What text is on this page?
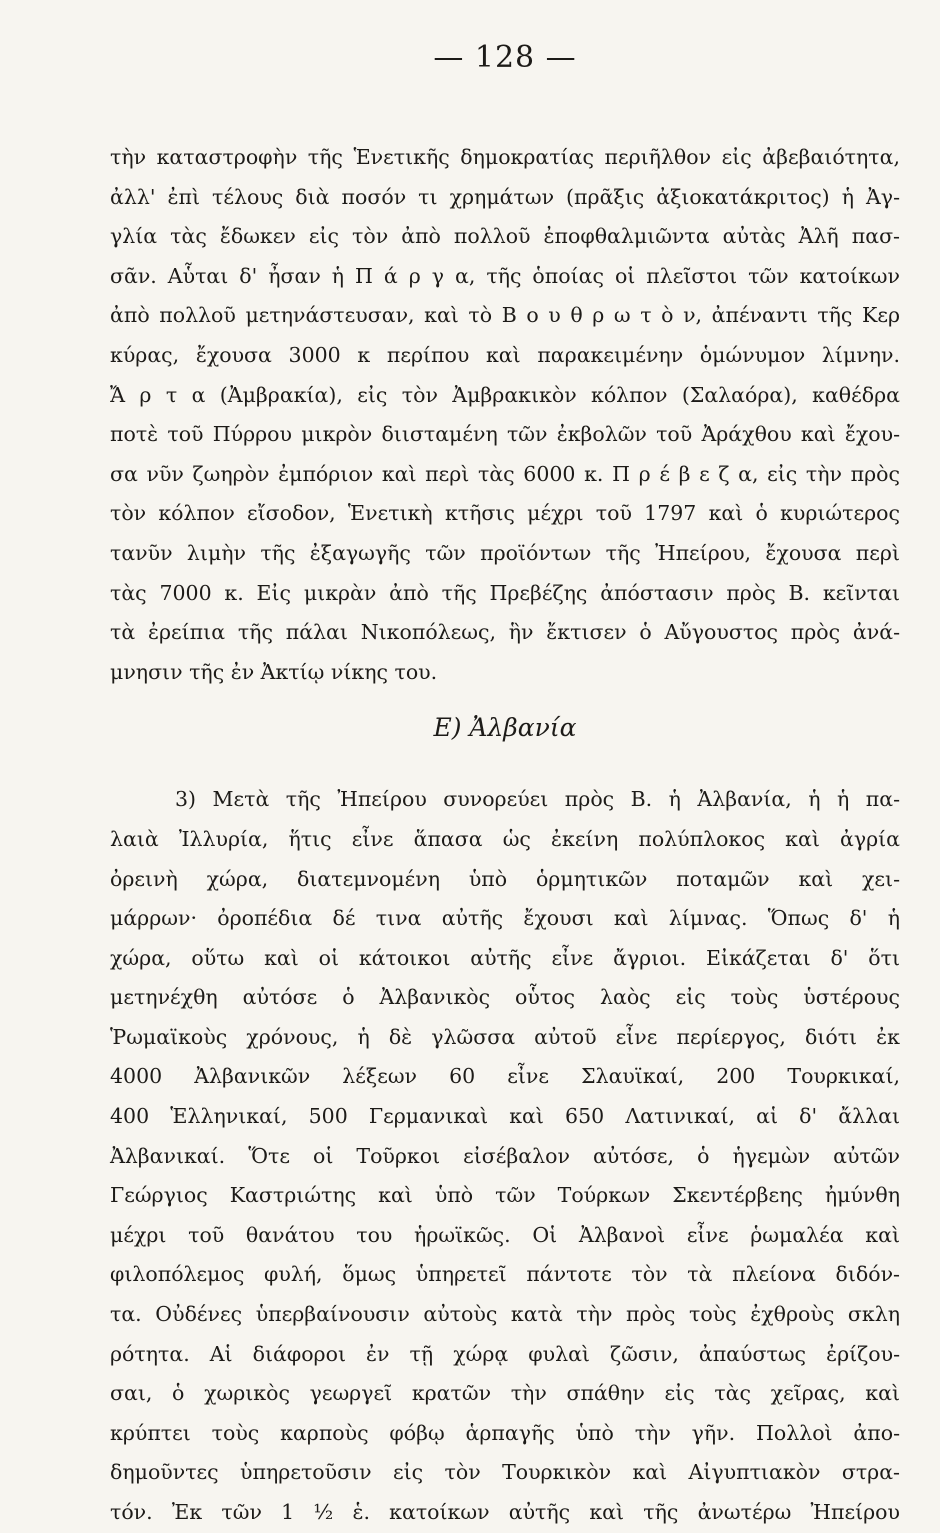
— 128 —
τὴν καταστροφὴν τῆς Ἑνετικῆς δημοκρατίας περιῆλθον εἰς ἀβεβαιότητα,
ἀλλ' ἐπὶ τέλους διὰ ποσόν τι χρημάτων (πρᾶξις ἀξιοκατάκριτος) ἡ Ἀγ-
γλία τὰς ἔδωκεν εἰς τὸν ἀπὸ πολλοῦ ἐποφθαλμιῶντα αὐτὰς Ἀλῆ πασ-
σᾶν. Αὗται δ' ἦσαν ἡ Π ά ρ γ α, τῆς ὁποίας οἱ πλεῖστοι τῶν κατοίκων
ἀπὸ πολλοῦ μετηνάστευσαν, καὶ τὸ Β ο υ θ ρ ω τ ὸ ν, ἀπέναντι τῆς Κερ
κύρας, ἔχουσα 3000 κ περίπου καὶ παρακειμένην ὁμώνυμον λίμνην.
Ἄ ρ τ α (Ἀμβρακία), εἰς τὸν Ἀμβρακικὸν κόλπον (Σαλαόρα), καθέδρα
ποτὲ τοῦ Πύρρου μικρὸν διισταμένη τῶν ἐκβολῶν τοῦ Ἀράχθου καὶ ἔχου-
σα νῦν ζωηρὸν ἐμπόριον καὶ περὶ τὰς 6000 κ. Π ρ έ β ε ζ α, εἰς τὴν πρὸς
τὸν κόλπον εἴσοδον, Ἑνετικὴ κτῆσις μέχρι τοῦ 1797 καὶ ὁ κυριώτερος
τανῦν λιμὴν τῆς ἐξαγωγῆς τῶν προϊόντων τῆς Ἠπείρου, ἔχουσα περὶ
τὰς 7000 κ. Εἰς μικρὰν ἀπὸ τῆς Πρεβέζης ἀπόστασιν πρὸς Β. κεῖνται
τὰ ἐρείπια τῆς πάλαι Νικοπόλεως, ἣν ἔκτισεν ὁ Αὔγουστος πρὸς ἀνά-
μνησιν τῆς ἐν Ἀκτίῳ νίκης του.
Ε) Ἀλβανία
3) Μετὰ τῆς Ἠπείρου συνορεύει πρὸς Β. ἡ Ἀλβανία, ἡ ἡ πα-
λαιὰ Ἰλλυρία, ἥτις εἶνε ἅπασα ὡς ἐκείνη πολύπλοκος καὶ ἀγρία
ὀρεινὴ χώρα, διατεμνομένη ὑπὸ ὁρμητικῶν ποταμῶν καὶ χει-
μάρρων· ὀροπέδια δέ τινα αὐτῆς ἔχουσι καὶ λίμνας. Ὅπως δ' ἡ
χώρα, οὕτω καὶ οἱ κάτοικοι αὐτῆς εἶνε ἄγριοι. Εἰκάζεται δ' ὅτι
μετηνέχθη αὐτόσε ὁ Ἀλβανικὸς οὗτος λαὸς εἰς τοὺς ὑστέρους
Ῥωμαϊκοὺς χρόνους, ἡ δὲ γλῶσσα αὐτοῦ εἶνε περίεργος, διότι ἐκ
4000 Ἀλβανικῶν λέξεων 60 εἶνε Σλαυϊκαί, 200 Τουρκικαί,
400 Ἑλληνικαί, 500 Γερμανικαὶ καὶ 650 Λατινικαί, αἱ δ' ἄλλαι
Ἀλβανικαί. Ὅτε οἱ Τοῦρκοι εἰσέβαλον αὐτόσε, ὁ ἡγεμὼν αὐτῶν
Γεώργιος Καστριώτης καὶ ὑπὸ τῶν Τούρκων Σκεντέρβεης ἠμύνθη
μέχρι τοῦ θανάτου του ἡρωϊκῶς. Οἱ Ἀλβανοὶ εἶνε ῥωμαλέα καὶ
φιλοπόλεμος φυλή, ὅμως ὑπηρετεῖ πάντοτε τὸν τὰ πλείονα διδόν-
τα. Οὐδένες ὑπερβαίνουσιν αὐτοὺς κατὰ τὴν πρὸς τοὺς ἐχθροὺς σκλη
ρότητα. Αἱ διάφοροι ἐν τῇ χώρᾳ φυλαὶ ζῶσιν, ἀπαύστως ἐρίζου-
σαι, ὁ χωρικὸς γεωργεῖ κρατῶν τὴν σπάθην εἰς τὰς χεῖρας, καὶ
κρύπτει τοὺς καρποὺς φόβῳ ἁρπαγῆς ὑπὸ τὴν γῆν. Πολλοὶ ἀπο-
δημοῦντες ὑπηρετοῦσιν εἰς τὸν Τουρκικὸν καὶ Αἰγυπτιακὸν στρα-
τόν. Ἐκ τῶν 1 ½ ἑ. κατοίκων αὐτῆς καὶ τῆς ἀνωτέρω Ἠπείρου
